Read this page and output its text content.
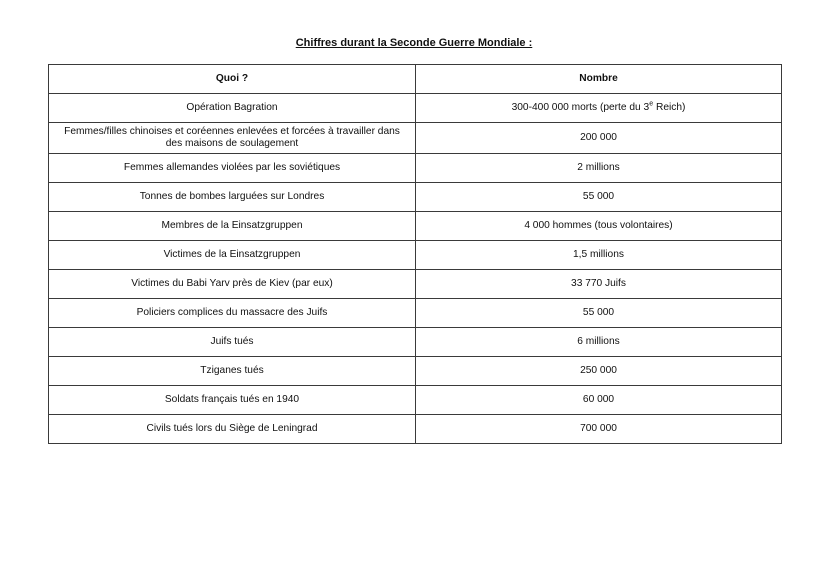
Chiffres durant la Seconde Guerre Mondiale :
Quoi ?	Nombre
Opération Bagration	300-400 000 morts (perte du 3e Reich)
Femmes/filles chinoises et coréennes enlevées et forcées à travailler dans des maisons de soulagement	200 000
Femmes allemandes violées par les soviétiques	2 millions
Tonnes de bombes larguées sur Londres	55 000
Membres de la Einsatzgruppen	4 000 hommes (tous volontaires)
Victimes de la Einsatzgruppen	1,5 millions
Victimes du Babi Yarv près de Kiev (par eux)	33 770 Juifs
Policiers complices du massacre des Juifs	55 000
Juifs tués	6 millions
Tziganes tués	250 000
Soldats français tués en 1940	60 000
Civils tués lors du Siège de Leningrad	700 000
